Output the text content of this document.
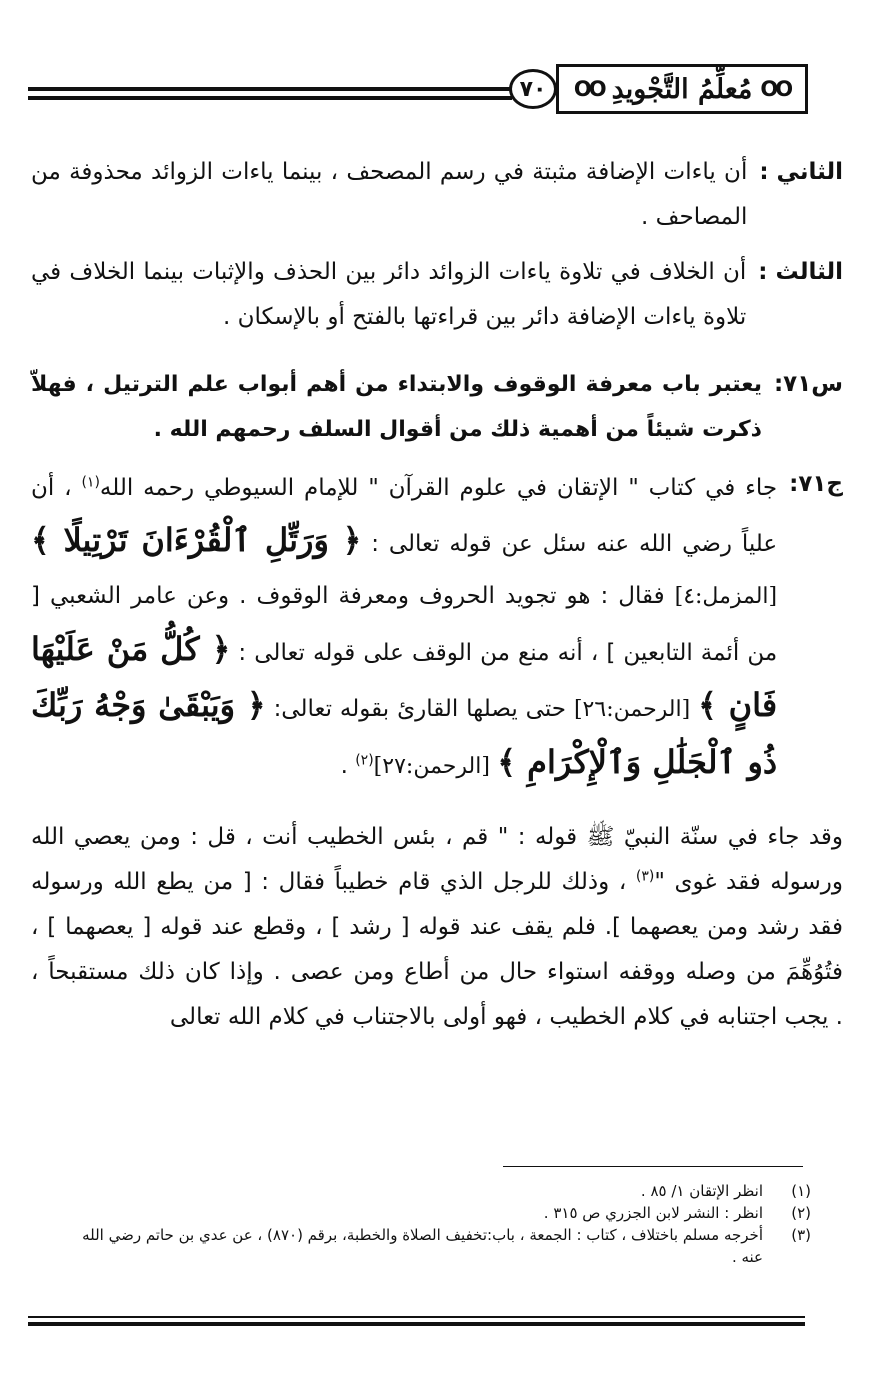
OO
مُعلِّمُ التَّجْويدِ
OO
٧٠
الثاني :
أن ياءات الإضافة مثبتة في رسم المصحف ، بينما ياءات الزوائد محذوفة من المصاحف .
الثالث :
أن الخلاف في تلاوة ياءات الزوائد دائر بين الحذف والإثبات بينما الخلاف في تلاوة ياءات الإضافة دائر بين قراءتها بالفتح أو بالإسكان .
س٧١:
يعتبر باب معرفة الوقوف والابتداء من أهم أبواب علم الترتيل ، فهلاّ ذكرت شيئاً من أهمية ذلك من أقوال السلف رحمهم الله .
ج٧١:
جاء في كتاب " الإتقان في علوم القرآن " للإمام السيوطي رحمه الله$^{(١)}$ ، أن علياً رضي الله عنه سئل عن قوله تعالى : ﴿ وَرَتِّلِ ٱلْقُرْءَانَ تَرْتِيلًا ﴾ [المزمل:٤] فقال : هو تجويد الحروف ومعرفة الوقوف . وعن عامر الشعبي [ من أئمة التابعين ] ، أنه منع من الوقف على قوله تعالى : ﴿ كُلُّ مَنْ عَلَيْهَا فَانٍ ﴾ [الرحمن:٢٦] حتى يصلها القارئ بقوله تعالى: ﴿ وَيَبْقَىٰ وَجْهُ رَبِّكَ ذُو ٱلْجَلَٰلِ وَٱلْإِكْرَامِ ﴾ [الرحمن:٢٧]$^{(٢)}$ .
وقد جاء في سنّة النبيّ ﷺ قوله : " قم ، بئس الخطيب أنت ، قل : ومن يعصي الله ورسوله فقد غوى "$^{(٣)}$ ، وذلك للرجل الذي قام خطيباً فقال : [ من يطع الله ورسوله فقد رشد ومن يعصهما ]. فلم يقف عند قوله [ رشد ] ، وقطع عند قوله [ يعصهما ] ، فتُوُهِّمَ من وصله ووقفه استواء حال من أطاع ومن عصى . وإذا كان ذلك مستقبحاً ، يجب اجتنابه في كلام الخطيب ، فهو أولى بالاجتناب في كلام الله تعالى .
(١)
انظر الإتقان ١/ ٨٥ .
(٢)
انظر : النشر لابن الجزري ص ٣١٥ .
(٣)
أخرجه مسلم باختلاف ، كتاب : الجمعة ، باب:تخفيف الصلاة والخطبة، برقم (٨٧٠) ، عن عدي بن حاتم رضي الله عنه .
